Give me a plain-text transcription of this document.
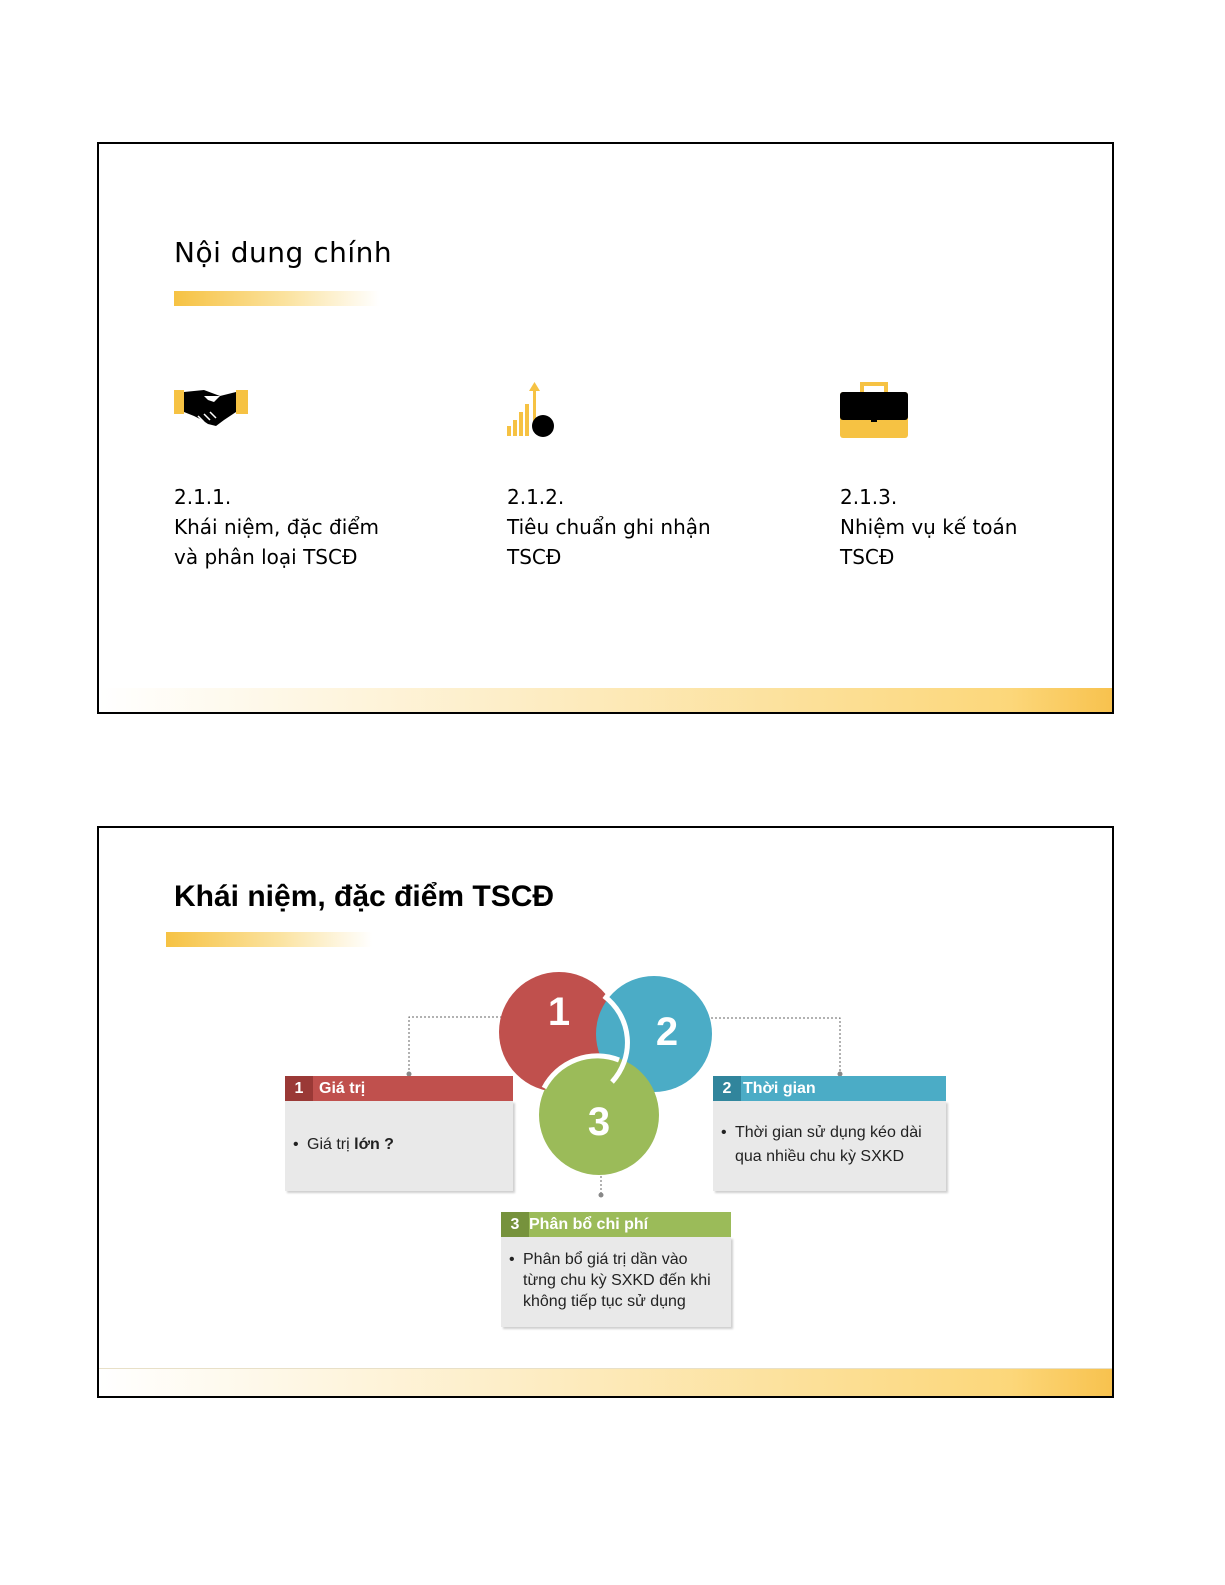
Nội dung chính
2.1.1.
Khái niệm, đặc điểm
và phân loại TSCĐ
2.1.2.
Tiêu chuẩn ghi nhận
TSCĐ
2.1.3.
Nhiệm vụ kế toán
TSCĐ
Khái niệm, đặc điểm TSCĐ
1	2
3
1 Giá trị
• Giá trị lớn ?
2 Thời gian
• Thời gian sử dụng kéo dài
qua nhiều chu kỳ SXKD
3 Phân bổ chi phí
• Phân bổ giá trị dần vào
từng chu kỳ SXKD đến khi
không tiếp tục sử dụng
